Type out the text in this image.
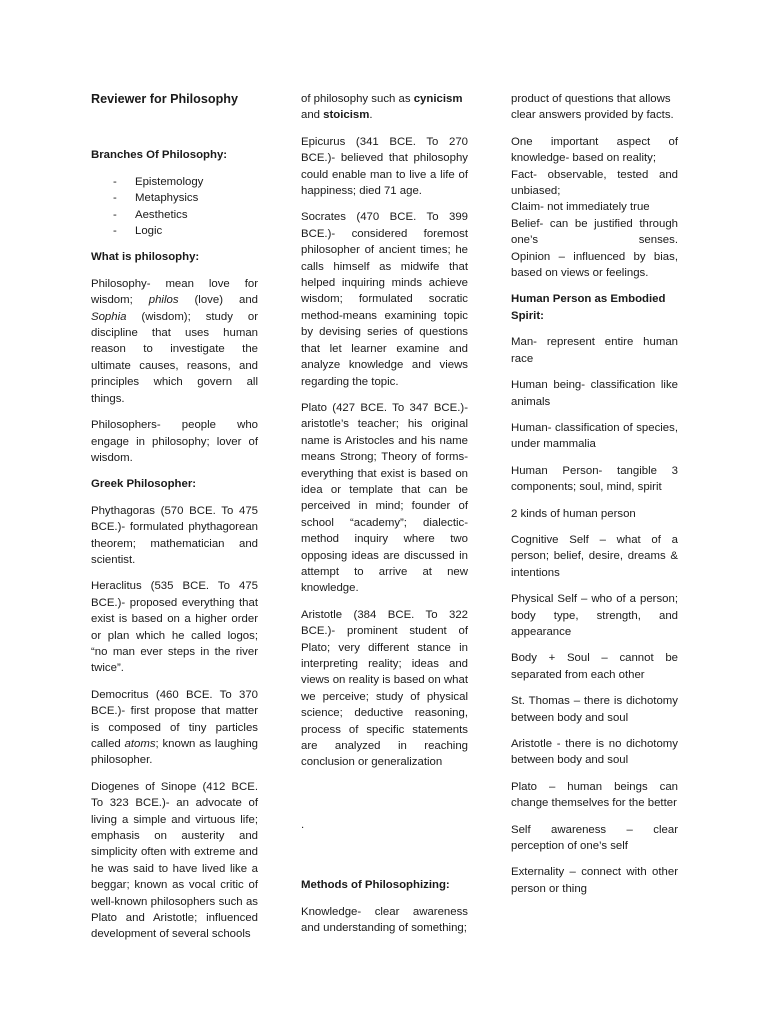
Reviewer for Philosophy

Branches Of Philosophy:

- Epistemology
- Metaphysics
- Aesthetics
- Logic

What is philosophy:

Philosophy- mean love for wisdom; philos (love) and Sophia (wisdom); study or discipline that uses human reason to investigate the ultimate causes, reasons, and principles which govern all things.

Philosophers- people who engage in philosophy; lover of wisdom.

Greek Philosopher:

Phythagoras (570 BCE. To 475 BCE.)- formulated phythagorean theorem; mathematician and scientist.

Heraclitus (535 BCE. To 475 BCE.)- proposed everything that exist is based on a higher order or plan which he called logos; “no man ever steps in the river twice”.

Democritus (460 BCE. To 370 BCE.)- first propose that matter is composed of tiny particles called atoms; known as laughing philosopher.

Diogenes of Sinope (412 BCE. To 323 BCE.)- an advocate of living a simple and virtuous life; emphasis on austerity and simplicity often with extreme and he was said to have lived like a beggar; known as vocal critic of well-known philosophers such as Plato and Aristotle; influenced development of several schools

of philosophy such as cynicism
and stoicism.

Epicurus (341 BCE. To 270 BCE.)- believed that philosophy could enable man to live a life of happiness; died 71 age.

Socrates (470 BCE. To 399 BCE.)- considered foremost philosopher of ancient times; he calls himself as midwife that helped inquiring minds achieve wisdom; formulated socratic method-means examining topic by devising series of questions that let learner examine and analyze knowledge and views regarding the topic.

Plato (427 BCE. To 347 BCE.)- aristotle’s teacher; his original name is Aristocles and his name means Strong; Theory of forms-everything that exist is based on idea or template that can be perceived in mind; founder of school “academy”; dialectic-method inquiry where two opposing ideas are discussed in attempt to arrive at new knowledge.

Aristotle (384 BCE. To 322 BCE.)- prominent student of Plato; very different stance in interpreting reality; ideas and views on reality is based on what we perceive; study of physical science; deductive reasoning, process of specific statements are analyzed in reaching conclusion or generalization

.

Methods of Philosophizing:

Knowledge- clear awareness and understanding of something;

product of questions that allows clear answers provided by facts.

One important aspect of knowledge- based on reality;
Fact- observable, tested and unbiased;
Claim- not immediately true
Belief- can be justified through one’s senses.
Opinion – influenced by bias, based on views or feelings.

Human Person as Embodied Spirit:

Man- represent entire human race

Human being- classification like animals

Human- classification of species, under mammalia

Human Person- tangible 3 components; soul, mind, spirit

2 kinds of human person

Cognitive Self – what of a person; belief, desire, dreams & intentions

Physical Self – who of a person; body type, strength, and appearance

Body + Soul – cannot be separated from each other

St. Thomas – there is dichotomy between body and soul

Aristotle - there is no dichotomy between body and soul

Plato – human beings can change themselves for the better

Self awareness – clear perception of one’s self

Externality – connect with other person or thing
